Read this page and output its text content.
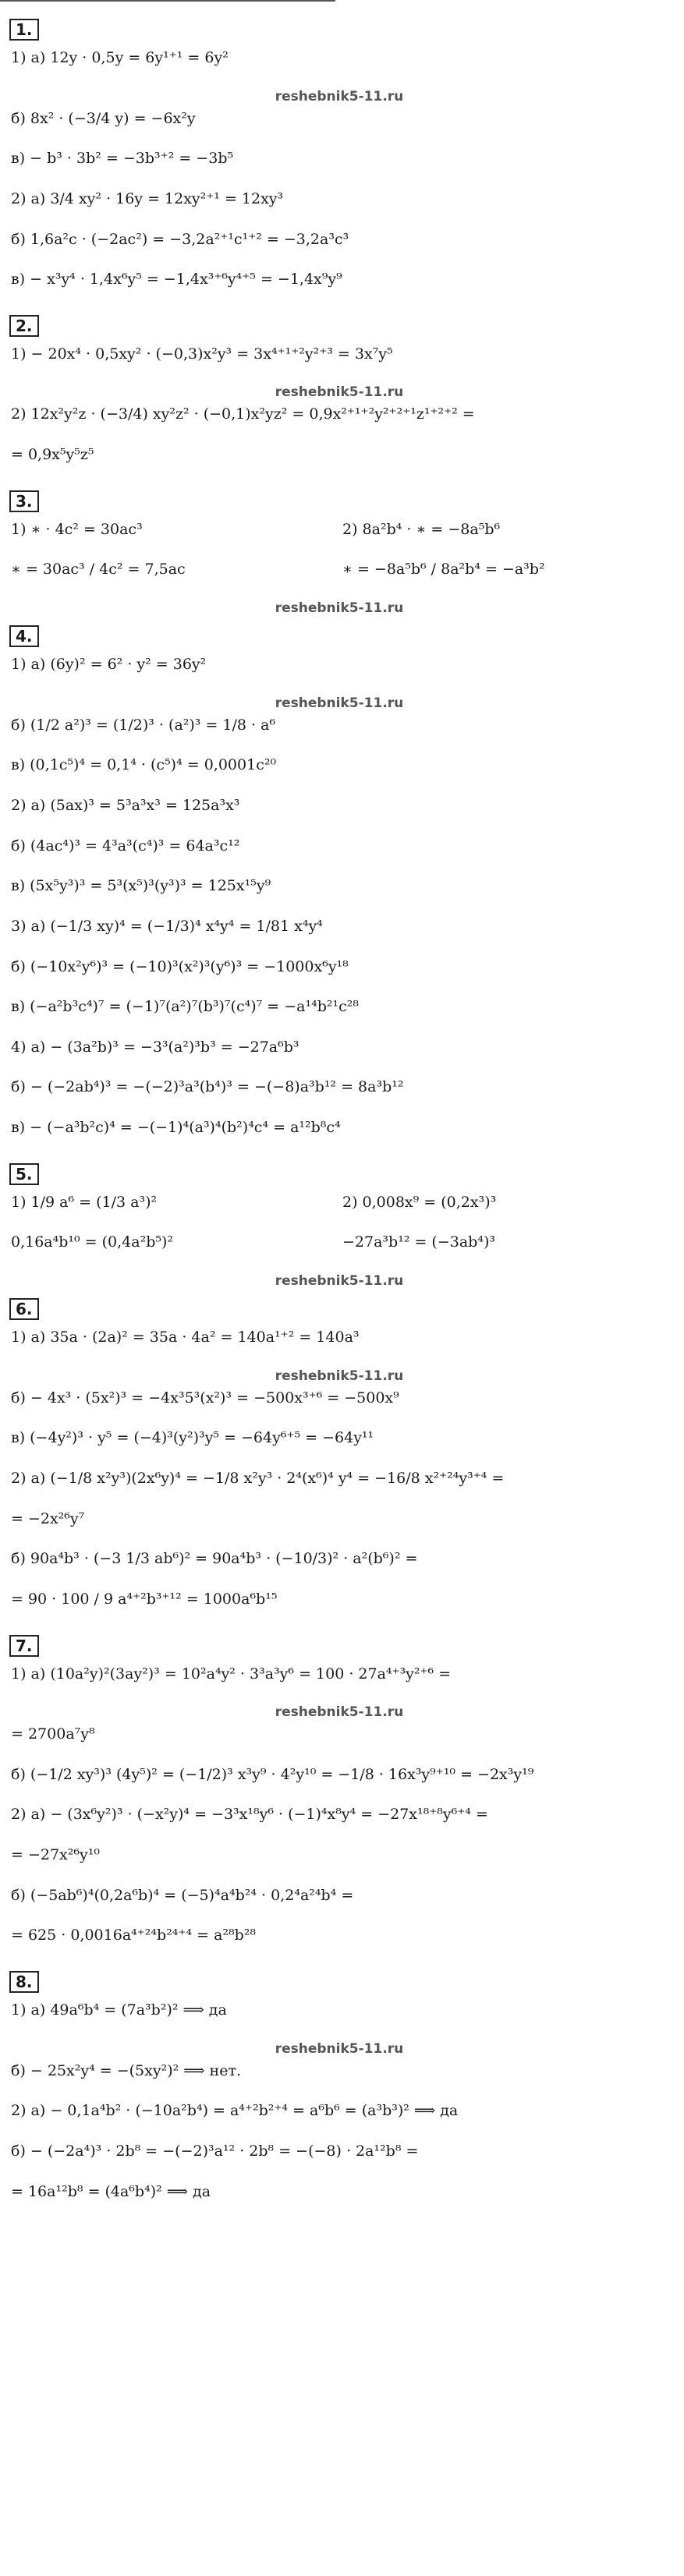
1.
1) а) 12y · 0,5y = 6y¹⁺¹ = 6y²
reshebnik5-11.ru
б) 8x² · (−3/4 y) = −6x²y
в) − b³ · 3b² = −3b³⁺² = −3b⁵
2) а) 3/4 xy² · 16y = 12xy²⁺¹ = 12xy³
б) 1,6a²c · (−2ac²) = −3,2a²⁺¹c¹⁺² = −3,2a³c³
в) − x³y⁴ · 1,4x⁶y⁵ = −1,4x³⁺⁶y⁴⁺⁵ = −1,4x⁹y⁹
2.
1) − 20x⁴ · 0,5xy² · (−0,3)x²y³ = 3x⁴⁺¹⁺²y²⁺³ = 3x⁷y⁵
reshebnik5-11.ru
2) 12x²y²z · (−3/4) xy²z² · (−0,1)x²yz² = 0,9x²⁺¹⁺²y²⁺²⁺¹z¹⁺²⁺² =
= 0,9x⁵y⁵z⁵
3.
1) ∗ · 4c² = 30ac³
∗ = 30ac³ / 4c² = 7,5ac
2) 8a²b⁴ · ∗ = −8a⁵b⁶
∗ = −8a⁵b⁶ / 8a²b⁴ = −a³b²
reshebnik5-11.ru
4.
1) а) (6y)² = 6² · y² = 36y²
reshebnik5-11.ru
б) (1/2 a²)³ = (1/2)³ · (a²)³ = 1/8 · a⁶
в) (0,1c⁵)⁴ = 0,1⁴ · (c⁵)⁴ = 0,0001c²⁰
2) а) (5ax)³ = 5³a³x³ = 125a³x³
б) (4ac⁴)³ = 4³a³(c⁴)³ = 64a³c¹²
в) (5x⁵y³)³ = 5³(x⁵)³(y³)³ = 125x¹⁵y⁹
3) а) (−1/3 xy)⁴ = (−1/3)⁴ x⁴y⁴ = 1/81 x⁴y⁴
б) (−10x²y⁶)³ = (−10)³(x²)³(y⁶)³ = −1000x⁶y¹⁸
в) (−a²b³c⁴)⁷ = (−1)⁷(a²)⁷(b³)⁷(c⁴)⁷ = −a¹⁴b²¹c²⁸
4) а) − (3a²b)³ = −3³(a²)³b³ = −27a⁶b³
б) − (−2ab⁴)³ = −(−2)³a³(b⁴)³ = −(−8)a³b¹² = 8a³b¹²
в) − (−a³b²c)⁴ = −(−1)⁴(a³)⁴(b²)⁴c⁴ = a¹²b⁸c⁴
5.
1) 1/9 a⁶ = (1/3 a³)²
0,16a⁴b¹⁰ = (0,4a²b⁵)²
2) 0,008x⁹ = (0,2x³)³
−27a³b¹² = (−3ab⁴)³
reshebnik5-11.ru
6.
1) а) 35a · (2a)² = 35a · 4a² = 140a¹⁺² = 140a³
reshebnik5-11.ru
б) − 4x³ · (5x²)³ = −4x³5³(x²)³ = −500x³⁺⁶ = −500x⁹
в) (−4y²)³ · y⁵ = (−4)³(y²)³y⁵ = −64y⁶⁺⁵ = −64y¹¹
2) а) (−1/8 x²y³)(2x⁶y)⁴ = −1/8 x²y³ · 2⁴(x⁶)⁴ y⁴ = −16/8 x²⁺²⁴y³⁺⁴ =
= −2x²⁶y⁷
б) 90a⁴b³ · (−3 1/3 ab⁶)² = 90a⁴b³ · (−10/3)² · a²(b⁶)² =
= 90 · 100 / 9 a⁴⁺²b³⁺¹² = 1000a⁶b¹⁵
7.
1) а) (10a²y)²(3ay²)³ = 10²a⁴y² · 3³a³y⁶ = 100 · 27a⁴⁺³y²⁺⁶ =
reshebnik5-11.ru
= 2700a⁷y⁸
б) (−1/2 xy³)³ (4y⁵)² = (−1/2)³ x³y⁹ · 4²y¹⁰ = −1/8 · 16x³y⁹⁺¹⁰ = −2x³y¹⁹
2) а) − (3x⁶y²)³ · (−x²y)⁴ = −3³x¹⁸y⁶ · (−1)⁴x⁸y⁴ = −27x¹⁸⁺⁸y⁶⁺⁴ =
= −27x²⁶y¹⁰
б) (−5ab⁶)⁴(0,2a⁶b)⁴ = (−5)⁴a⁴b²⁴ · 0,2⁴a²⁴b⁴ =
= 625 · 0,0016a⁴⁺²⁴b²⁴⁺⁴ = a²⁸b²⁸
8.
1) а) 49a⁶b⁴ = (7a³b²)² ⟹ да
reshebnik5-11.ru
б) − 25x²y⁴ = −(5xy²)² ⟹ нет.
2) а) − 0,1a⁴b² · (−10a²b⁴) = a⁴⁺²b²⁺⁴ = a⁶b⁶ = (a³b³)² ⟹ да
б) − (−2a⁴)³ · 2b⁸ = −(−2)³a¹² · 2b⁸ = −(−8) · 2a¹²b⁸ =
= 16a¹²b⁸ = (4a⁶b⁴)² ⟹ да
